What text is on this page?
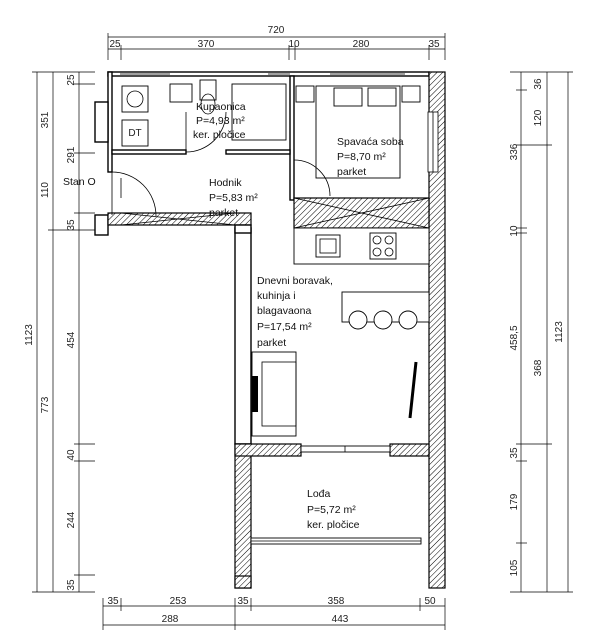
720
25	370	10	280	35
1123
773
25
351
291
110
35
454
40
244
35
36
120
336
10
458,5
35
179
105
368
1123
35	253	35	358	50
288	443
DT
Kupaonica
P=4,93 m²
ker. pločice
Spavaća soba
P=8,70 m²
parket
Hodnik
P=5,83 m²
parket
Dnevni boravak,
kuhinja i
blagavaona
P=17,54 m²
parket
Lođa
P=5,72 m²
ker. pločice
Stan O
